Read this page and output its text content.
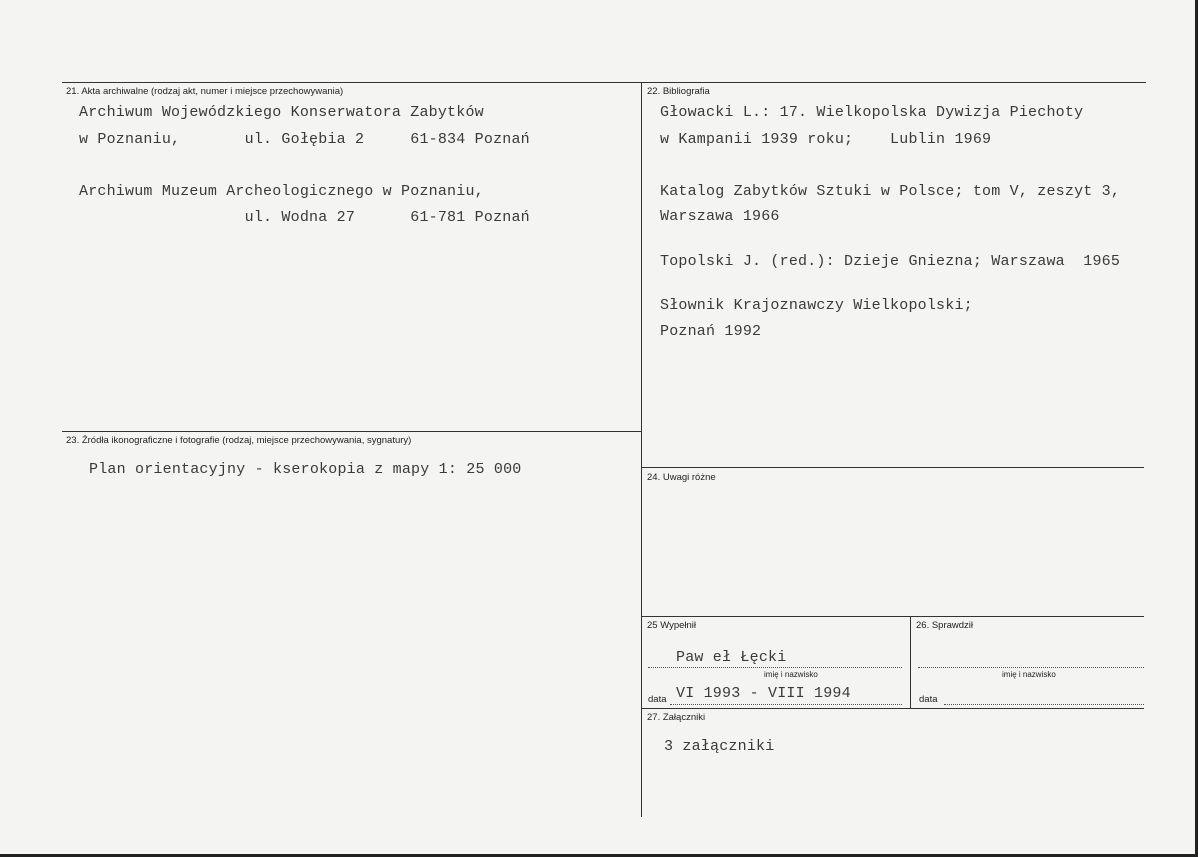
21. Akta archiwalne (rodzaj akt, numer i miejsce przechowywania)
Archiwum Wojewódzkiego Konserwatora Zabytków
w Poznaniu,       ul. Gołębia 2     61-834 Poznań
Archiwum Muzeum Archeologicznego w Poznaniu,
ul. Wodna 27      61-781 Poznań
22. Bibliografia
Głowacki L.: 17. Wielkopolska Dywizja Piechoty
w Kampanii 1939 roku;    Lublin 1969
Katalog Zabytków Sztuki w Polsce; tom V, zeszyt 3,
Warszawa 1966
Topolski J. (red.): Dzieje Gniezna; Warszawa  1965
Słownik Krajoznawczy Wielkopolski;
Poznań 1992
23. Źródła ikonograficzne i fotografie (rodzaj, miejsce przechowywania, sygnatury)
Plan orientacyjny - kserokopia z mapy 1: 25 000	24. Uwagi różne
25 Wypełnił
Paw eł Łęcki
imię i nazwisko
data VI 1993 - VIII 1994
26. Sprawdził
imię i nazwisko
data
27. Załączniki
3 załączniki
